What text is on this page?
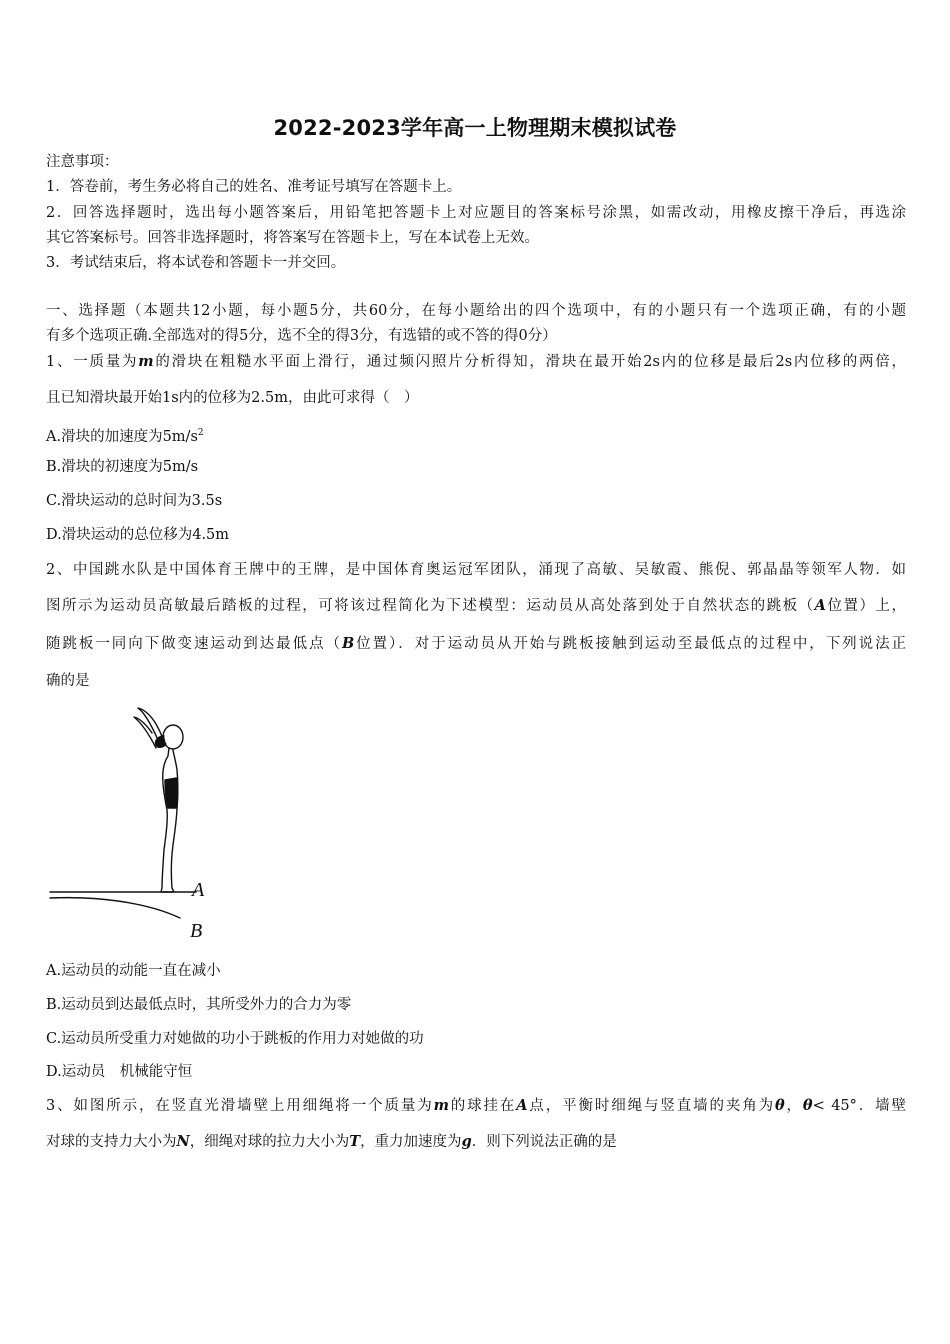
2022-2023学年高一上物理期末模拟试卷
注意事项：
1．答卷前，考生务必将自己的姓名、准考证号填写在答题卡上。
2．回答选择题时，选出每小题答案后，用铅笔把答题卡上对应题目的答案标号涂黑，如需改动，用橡皮擦干净后，再选涂
其它答案标号。回答非选择题时，将答案写在答题卡上，写在本试卷上无效。
3．考试结束后，将本试卷和答题卡一并交回。
一、选择题（本题共12小题，每小题5分，共60分，在每小题给出的四个选项中，有的小题只有一个选项正确，有的小题
有多个选项正确.全部选对的得5分，选不全的得3分，有选错的或不答的得0分）
1、一质量为m的滑块在粗糙水平面上滑行，通过频闪照片分析得知，滑块在最开始2s内的位移是最后2s内位移的两倍，
且已知滑块最开始1s内的位移为2.5m，由此可求得（　）
A.滑块的加速度为$5m/s^2$
B.滑块的初速度为5m/s
C.滑块运动的总时间为3.5s
D.滑块运动的总位移为4.5m
2、中国跳水队是中国体育王牌中的王牌，是中国体育奥运冠军团队，涌现了高敏、吴敏霞、熊倪、郭晶晶等领军人物．如
图所示为运动员高敏最后踏板的过程，可将该过程简化为下述模型：运动员从高处落到处于自然状态的跳板（A位置）上，
随跳板一同向下做变速运动到达最低点（B位置）．对于运动员从开始与跳板接触到运动至最低点的过程中，下列说法正
确的是
A
B
A.运动员的动能一直在减小
B.运动员到达最低点时，其所受外力的合力为零
C.运动员所受重力对她做的功小于跳板的作用力对她做的功
D.运动员　机械能守恒
3、如图所示，在竖直光滑墙壁上用细绳将一个质量为m的球挂在A点，平衡时细绳与竖直墙的夹角为θ，θ< 45°．墙壁
对球的支持力大小为N，细绳对球的拉力大小为T，重力加速度为g．则下列说法正确的是
